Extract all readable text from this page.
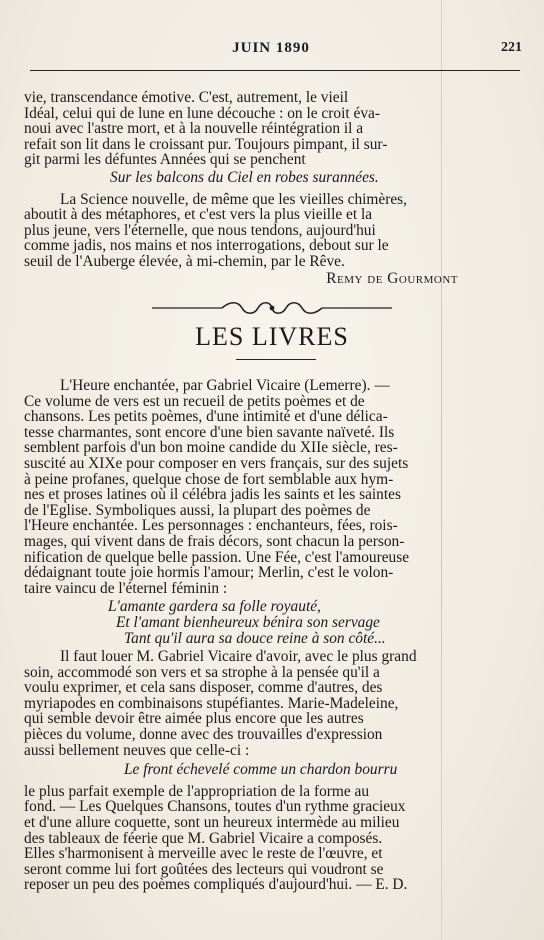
JUIN 1890	221

vie, transcendance émotive. C'est, autrement, le vieil

Idéal, celui qui de lune en lune découche : on le croit éva-

noui avec l'astre mort, et à la nouvelle réintégration il a

refait son lit dans le croissant pur. Toujours pimpant, il sur-

git parmi les défuntes Années qui se penchent

Sur les balcons du Ciel en robes surannées.

La Science nouvelle, de même que les vieilles chimères,

aboutit à des métaphores, et c'est vers la plus vieille et la

plus jeune, vers l'éternelle, que nous tendons, aujourd'hui

comme jadis, nos mains et nos interrogations, debout sur le

seuil de l'Auberge élevée, à mi-chemin, par le Rêve.

Remy de Gourmont

LES LIVRES

L'Heure enchantée, par Gabriel Vicaire (Lemerre). —

Ce volume de vers est un recueil de petits poèmes et de

chansons. Les petits poèmes, d'une intimité et d'une délica-

tesse charmantes, sont encore d'une bien savante naïveté. Ils

semblent parfois d'un bon moine candide du XIIe siècle, res-

suscité au XIXe pour composer en vers français, sur des sujets

à peine profanes, quelque chose de fort semblable aux hym-

nes et proses latines où il célébra jadis les saints et les saintes

de l'Eglise. Symboliques aussi, la plupart des poèmes de

l'Heure enchantée. Les personnages : enchanteurs, fées, rois-

mages, qui vivent dans de frais décors, sont chacun la person-

nification de quelque belle passion. Une Fée, c'est l'amoureuse

dédaignant toute joie hormis l'amour; Merlin, c'est le volon-

taire vaincu de l'éternel féminin :

L'amante gardera sa folle royauté,

Et l'amant bienheureux bénira son servage

Tant qu'il aura sa douce reine à son côté...

Il faut louer M. Gabriel Vicaire d'avoir, avec le plus grand

soin, accommodé son vers et sa strophe à la pensée qu'il a

voulu exprimer, et cela sans disposer, comme d'autres, des

myriapodes en combinaisons stupéfiantes. Marie-Madeleine,

qui semble devoir être aimée plus encore que les autres

pièces du volume, donne avec des trouvailles d'expression

aussi bellement neuves que celle-ci :

Le front échevelé comme un chardon bourru

le plus parfait exemple de l'appropriation de la forme au

fond. — Les Quelques Chansons, toutes d'un rythme gracieux

et d'une allure coquette, sont un heureux intermède au milieu

des tableaux de féerie que M. Gabriel Vicaire a composés.

Elles s'harmonisent à merveille avec le reste de l'œuvre, et

seront comme lui fort goûtées des lecteurs qui voudront se

reposer un peu des poèmes compliqués d'aujourd'hui. — E. D.
